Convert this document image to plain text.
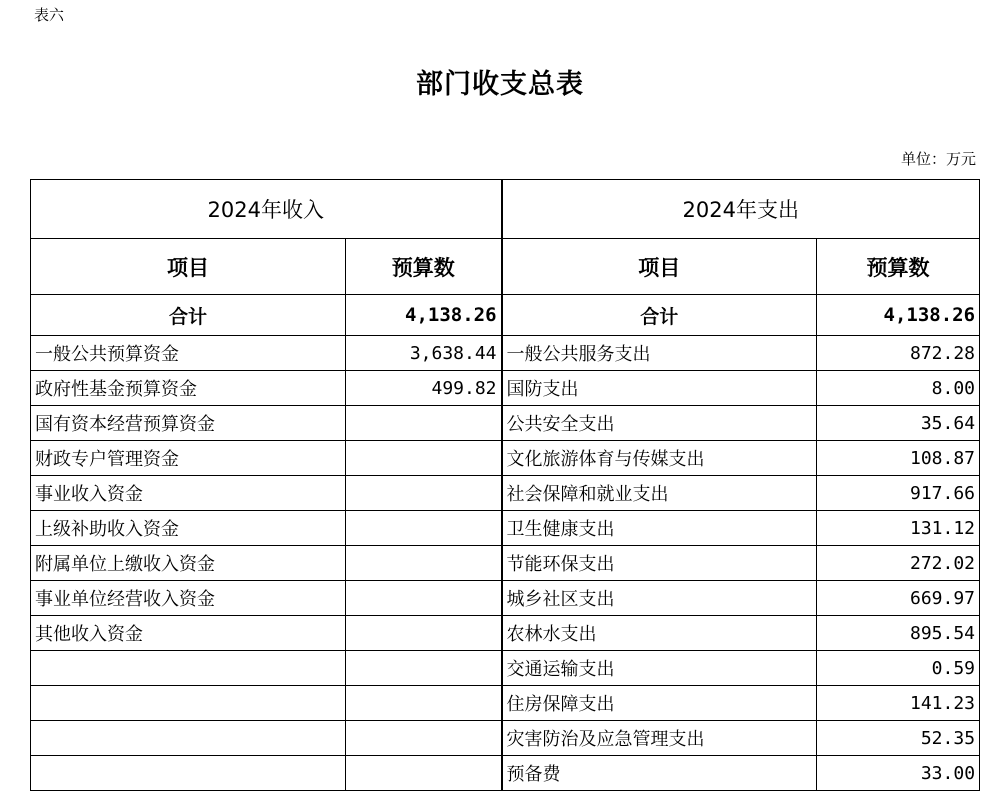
表六
部门收支总表
单位：万元
2024年收入		2024年支出	
项目	预算数	项目	预算数
合计	4,138.26	合计	4,138.26
一般公共预算资金	3,638.44	一般公共服务支出	872.28
政府性基金预算资金	499.82	国防支出	8.00
国有资本经营预算资金		公共安全支出	35.64
财政专户管理资金		文化旅游体育与传媒支出	108.87
事业收入资金		社会保障和就业支出	917.66
上级补助收入资金		卫生健康支出	131.12
附属单位上缴收入资金		节能环保支出	272.02
事业单位经营收入资金		城乡社区支出	669.97
其他收入资金		农林水支出	895.54
		交通运输支出	0.59
		住房保障支出	141.23
		灾害防治及应急管理支出	52.35
		预备费	33.00
